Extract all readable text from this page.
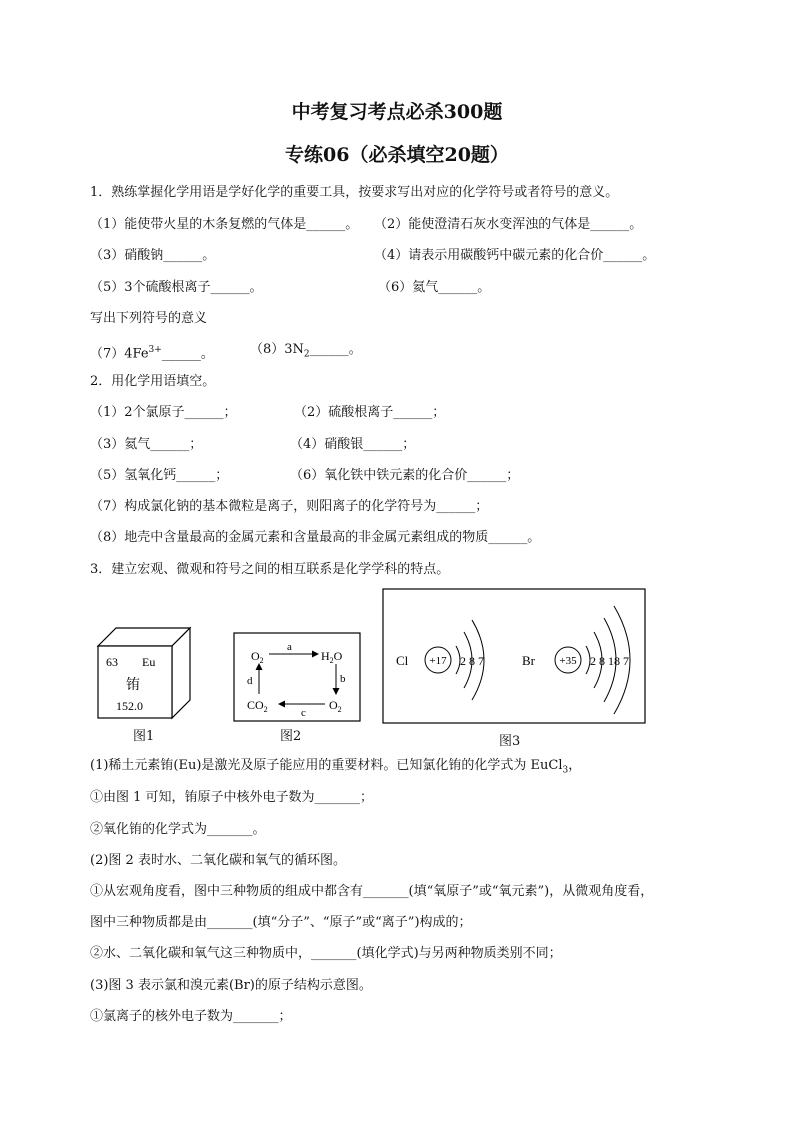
中考复习考点必杀300题
专练06（必杀填空20题）
1．熟练掌握化学用语是学好化学的重要工具，按要求写出对应的化学符号或者符号的意义。
（1）能使带火星的木条复燃的气体是______。 （2）能使澄清石灰水变浑浊的气体是______。
（3）硝酸钠______。	（4）请表示用碳酸钙中碳元素的化合价______。
（5）3个硫酸根离子______。	（6）氦气______。
写出下列符号的意义
$(7)4Fe^{3+}\_\_\_\_\_\_$。	$(8)3N_2\_\_\_\_\_\_$。
2．用化学用语填空。
（1）2个氯原子______；	（2）硫酸根离子______；
（3）氦气______；	（4）硝酸银______；
（5）氢氧化钙______；	（6）氧化铁中铁元素的化合价______；
（7）构成氯化钠的基本微粒是离子，则阳离子的化学符号为______；
（8）地壳中含量最高的金属元素和含量最高的非金属元素组成的物质______。
3．建立宏观、微观和符号之间的相互联系是化学学科的特点。
63 Eu
铕
152.0
图1
$O_2$	$H_2O$
$O_2$
$CO_2$
a
b
c
d
图2
Cl +17 2 8 7	Br +35 2 8 18 7
图3
(1)稀土元素铕(Eu)是激光及原子能应用的重要材料。已知氯化铕的化学式为 EuCl$_3$，
①由图 1 可知，铕原子中核外电子数为_______；
②氧化铕的化学式为_______。
(2)图 2 表时水、二氧化碳和氧气的循环图。
①从宏观角度看，图中三种物质的组成中都含有_______(填“氧原子”或“氧元素”)，从微观角度看，
图中三种物质都是由_______(填“分子”、“原子”或“离子”)构成的；
②水、二氧化碳和氧气这三种物质中，_______(填化学式)与另两种物质类别不同；
(3)图 3 表示氯和溴元素(Br)的原子结构示意图。
①氯离子的核外电子数为_______；
